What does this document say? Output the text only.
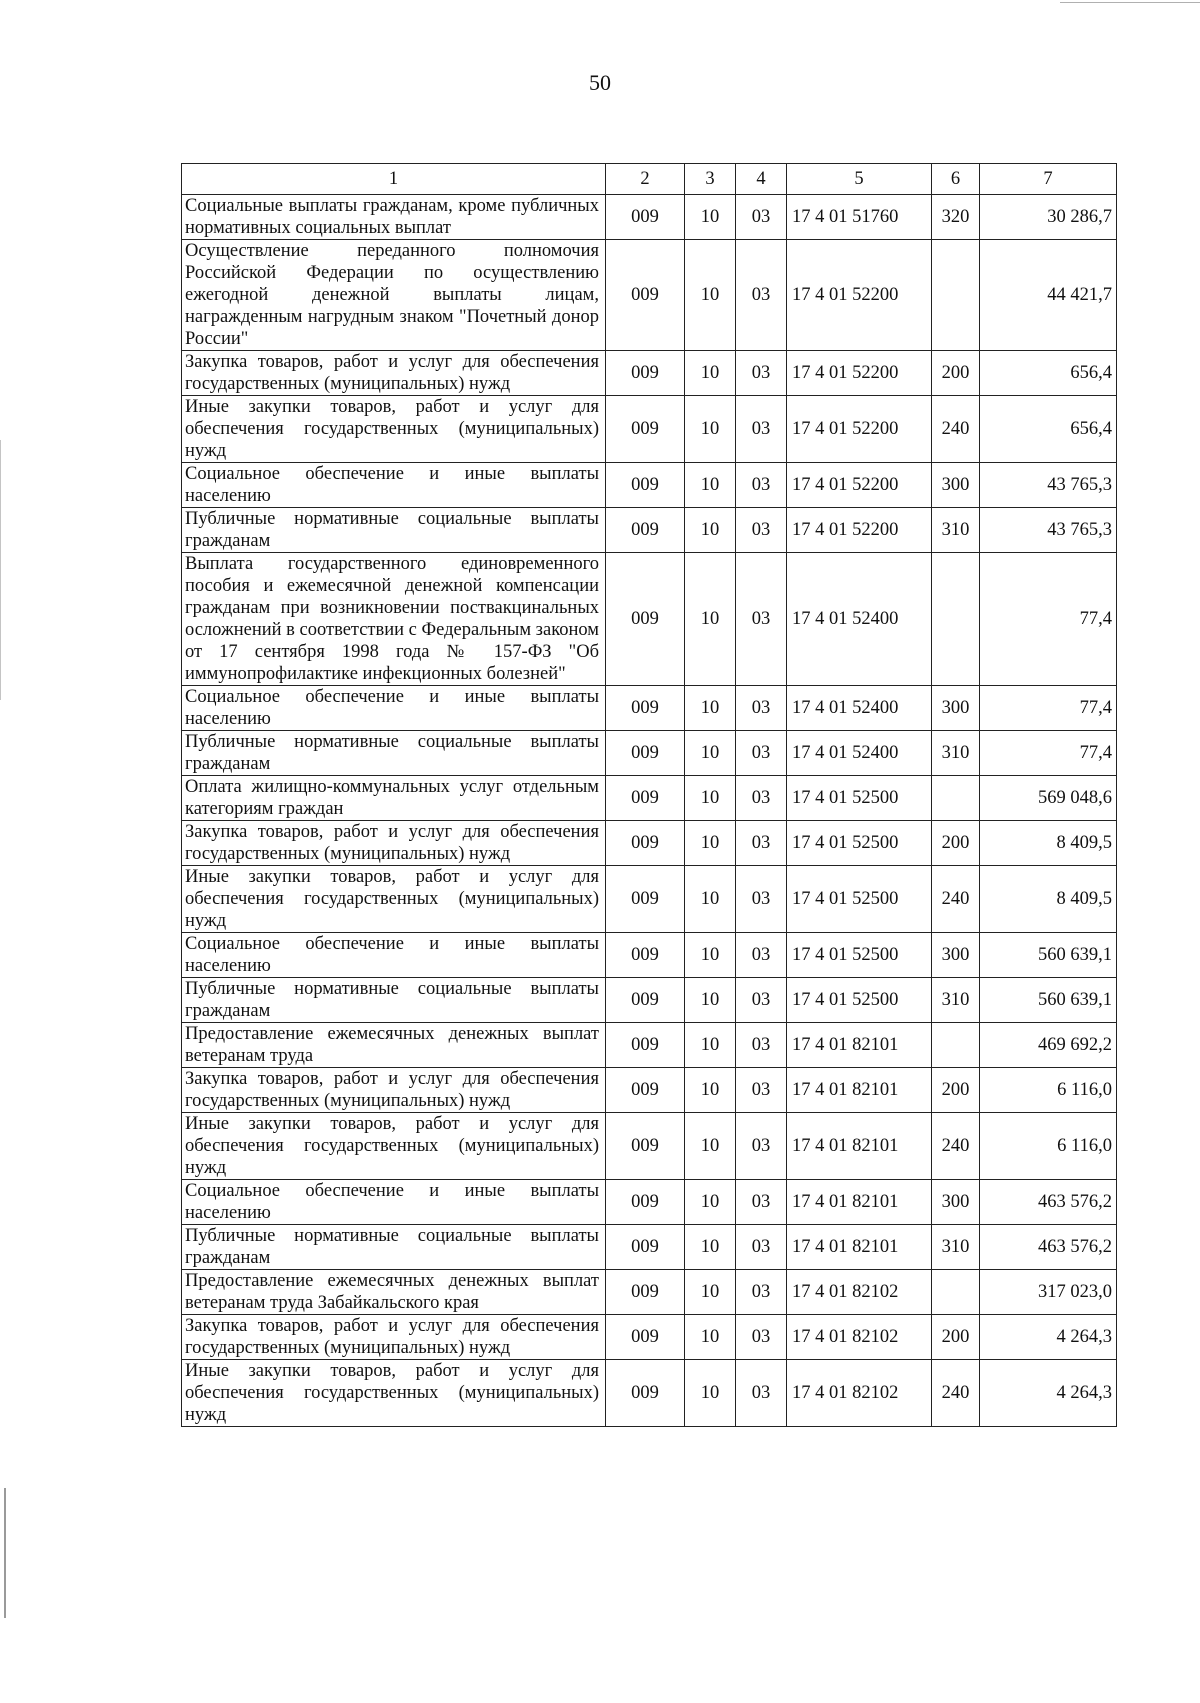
50
1	2	3	4	5	6	7
Социальные выплаты гражданам, кроме публичных нормативных социальных выплат	009	10	03	17 4 01 51760	320	30 286,7
Осуществление переданного полномочия Российской Федерации по осуществлению ежегодной денежной выплаты лицам, награжденным нагрудным знаком "Почетный донор России"	009	10	03	17 4 01 52200		44 421,7
Закупка товаров, работ и услуг для обеспечения государственных (муниципальных) нужд	009	10	03	17 4 01 52200	200	656,4
Иные закупки товаров, работ и услуг для обеспечения государственных (муниципальных) нужд	009	10	03	17 4 01 52200	240	656,4
Социальное обеспечение и иные выплаты населению	009	10	03	17 4 01 52200	300	43 765,3
Публичные нормативные социальные выплаты гражданам	009	10	03	17 4 01 52200	310	43 765,3
Выплата государственного единовременного пособия и ежемесячной денежной компенсации гражданам при возникновении поствакцинальных осложнений в соответствии с Федеральным законом от 17 сентября 1998 года № 157-ФЗ "Об иммунопрофилактике инфекционных болезней"	009	10	03	17 4 01 52400		77,4
Социальное обеспечение и иные выплаты населению	009	10	03	17 4 01 52400	300	77,4
Публичные нормативные социальные выплаты гражданам	009	10	03	17 4 01 52400	310	77,4
Оплата жилищно-коммунальных услуг отдельным категориям граждан	009	10	03	17 4 01 52500		569 048,6
Закупка товаров, работ и услуг для обеспечения государственных (муниципальных) нужд	009	10	03	17 4 01 52500	200	8 409,5
Иные закупки товаров, работ и услуг для обеспечения государственных (муниципальных) нужд	009	10	03	17 4 01 52500	240	8 409,5
Социальное обеспечение и иные выплаты населению	009	10	03	17 4 01 52500	300	560 639,1
Публичные нормативные социальные выплаты гражданам	009	10	03	17 4 01 52500	310	560 639,1
Предоставление ежемесячных денежных выплат ветеранам труда	009	10	03	17 4 01 82101		469 692,2
Закупка товаров, работ и услуг для обеспечения государственных (муниципальных) нужд	009	10	03	17 4 01 82101	200	6 116,0
Иные закупки товаров, работ и услуг для обеспечения государственных (муниципальных) нужд	009	10	03	17 4 01 82101	240	6 116,0
Социальное обеспечение и иные выплаты населению	009	10	03	17 4 01 82101	300	463 576,2
Публичные нормативные социальные выплаты гражданам	009	10	03	17 4 01 82101	310	463 576,2
Предоставление ежемесячных денежных выплат ветеранам труда Забайкальского края	009	10	03	17 4 01 82102		317 023,0
Закупка товаров, работ и услуг для обеспечения государственных (муниципальных) нужд	009	10	03	17 4 01 82102	200	4 264,3
Иные закупки товаров, работ и услуг для обеспечения государственных (муниципальных) нужд	009	10	03	17 4 01 82102	240	4 264,3
